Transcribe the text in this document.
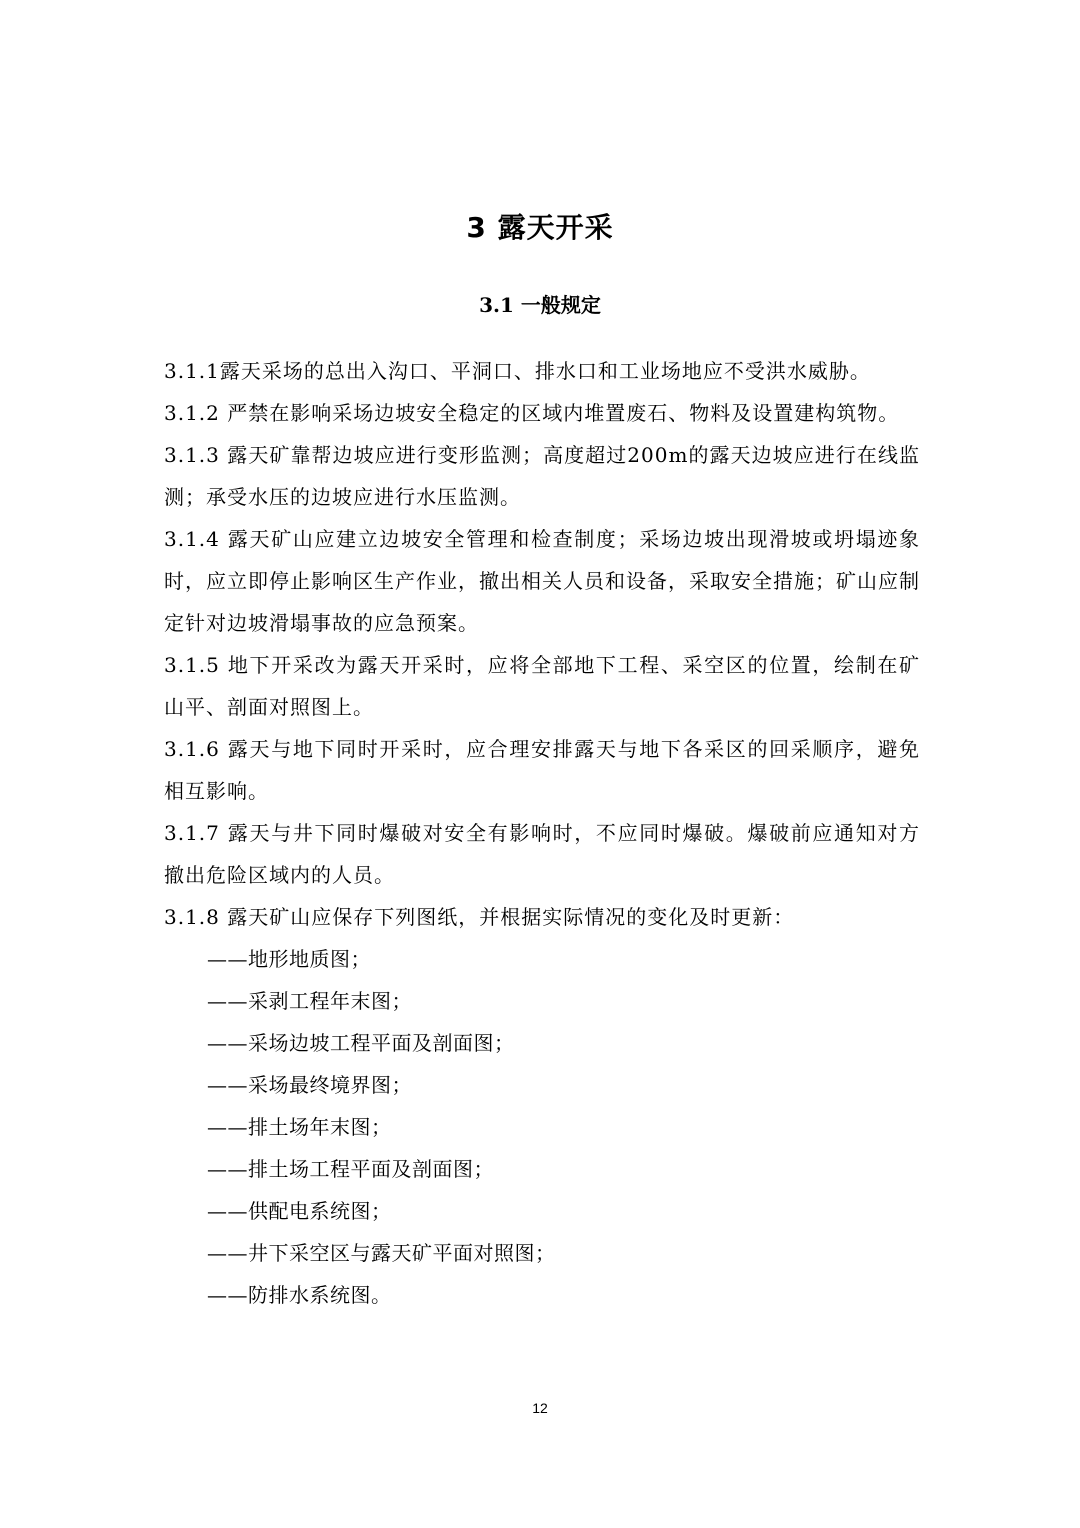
3 露天开采
3.1 一般规定

3.1.1露天采场的总出入沟口、平洞口、排水口和工业场地应不受洪水威胁。

3.1.2 严禁在影响采场边坡安全稳定的区域内堆置废石、物料及设置建构筑物。

3.1.3 露天矿靠帮边坡应进行变形监测；高度超过200m的露天边坡应进行在线监测；承受水压的边坡应进行水压监测。

3.1.4 露天矿山应建立边坡安全管理和检查制度；采场边坡出现滑坡或坍塌迹象时，应立即停止影响区生产作业，撤出相关人员和设备，采取安全措施；矿山应制定针对边坡滑塌事故的应急预案。

3.1.5 地下开采改为露天开采时，应将全部地下工程、采空区的位置，绘制在矿山平、剖面对照图上。

3.1.6 露天与地下同时开采时，应合理安排露天与地下各采区的回采顺序，避免相互影响。

3.1.7 露天与井下同时爆破对安全有影响时，不应同时爆破。爆破前应通知对方撤出危险区域内的人员。

3.1.8 露天矿山应保存下列图纸，并根据实际情况的变化及时更新：

——地形地质图；

——采剥工程年末图；

——采场边坡工程平面及剖面图；

——采场最终境界图；

——排土场年末图；

——排土场工程平面及剖面图；

——供配电系统图；

——井下采空区与露天矿平面对照图；

——防排水系统图。

12
